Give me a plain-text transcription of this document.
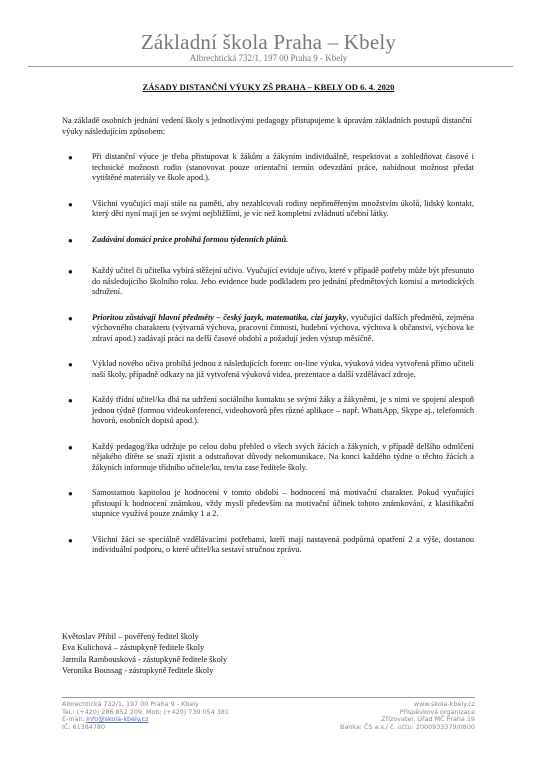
Základní škola Praha – Kbely
Albrechtická 732/1, 197 00 Praha 9 - Kbely
ZÁSADY DISTANČNÍ VÝUKY ZŠ PRAHA – KBELY OD 6. 4. 2020

Na základě osobních jednání vedení školy s jednotlivými pedagogy přistupujeme k úpravám základních postupů distanční výuky následujícím způsobem:

● Při distanční výuce je třeba přistupovat k žákům a žákyním individuálně, respektovat a zohledňovat časové i technické možnosti rodin (stanovovat pouze orientační termín odevzdání práce, nabídnout možnost předat vytištěné materiály ve škole apod.).
● Všichni vyučující mají stále na paměti, aby nezahlcovali rodiny nepřiměřeným množstvím úkolů, lidský kontakt, který děti nyní mají jen se svými nejbližšími, je víc než kompletní zvládnutí učební látky.
● Zadávání domácí práce probíhá formou týdenních plánů.
● Každý učitel či učitelka vybírá stěžejní učivo. Vyučující eviduje učivo, které v případě potřeby může být přesunuto do následujícího školního roku. Jeho evidence bude podkladem pro jednání předmětových komisí a metodických sdružení.
● Prioritou zůstávají hlavní předměty – český jazyk, matematika, cizí jazyky, vyučující dalších předmětů, zejména výchovného charakteru (výtvarná výchova, pracovní činnosti, hudební výchova, výchova k občanství, výchova ke zdraví apod.) zadávají práci na delší časové období a požadují jeden výstup měsíčně.
● Výklad nového učiva probíhá jednou z následujících forem: on-line výuka, výuková videa vytvořená přímo učiteli naší školy, případně odkazy na již vytvořená výuková videa, prezentace a další vzdělávací zdroje.
● Každý třídní učitel/ka dbá na udržení sociálního kontaktu se svými žáky a žákyněmi, je s nimi ve spojení alespoň jednou týdně (formou videokonferencí, videohovorů přes různé aplikace – např. WhatsApp, Skype aj., telefonních hovorů, osobních dopisů apod.).
● Každý pedagog/žka udržuje po celou dobu přehled o všech svých žácích a žákyních, v případě delšího odmlčení nějakého dítěte se snaží zjistit a odstraňovat důvody nekomunikace. Na konci každého týdne o těchto žácích a žákyních informuje třídního učitele/ku, ten/ta zase ředitele školy.
● Samostatnou kapitolou je hodnocení v tomto období – hodnocení má motivační charakter. Pokud vyučující přistoupí k hodnocení známkou, vždy myslí především na motivační účinek tohoto známkování, z klasifikační stupnice využívá pouze známky 1 a 2.
● Všichni žáci se speciálně vzdělávacími potřebami, kteří mají nastavená podpůrná opatření 2 a výše, dostanou individuální podporu, o které učitel/ka sestaví stručnou zprávu.
Květoslav Přibil – pověřený ředitel školy
Eva Kulichová – zástupkyně ředitele školy
Jarmila Rambousková - zástupkyně ředitele školy
Veronika Boussag - zástupkyně ředitele školy
Albrechtická 732/1, 197 00 Praha 9 - Kbely
Tel.: (+420) 286 852 209, Mob: (+420) 739 054 381
E-mail: info@skola-kbely.cz
IČ: 61384780
www.skola-kbely.cz
Příspěvková organizace
Zřizovatel: Úřad MČ Praha 19
Banka: ČS a.s./ č. účtu: 2000933379/0800
